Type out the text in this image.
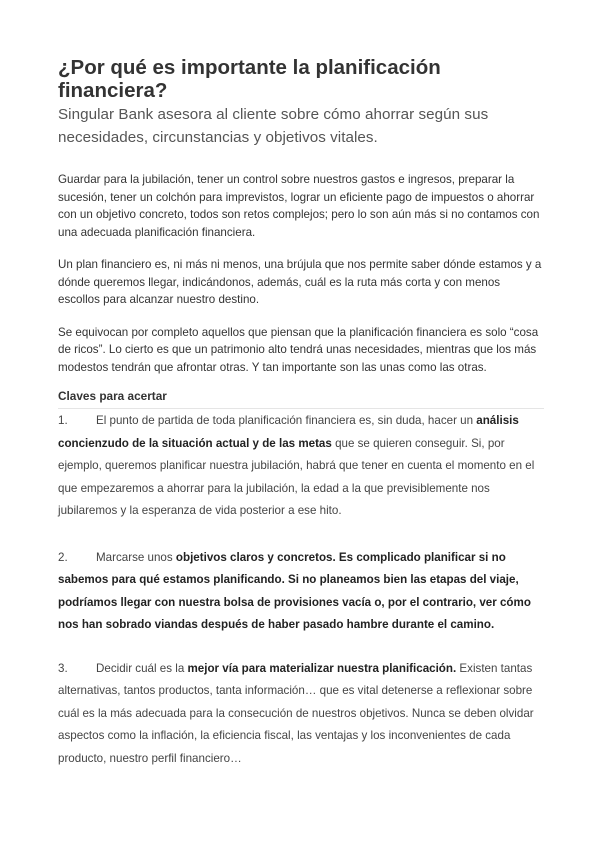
¿Por qué es importante la planificación financiera?

Singular Bank asesora al cliente sobre cómo ahorrar según sus necesidades, circunstancias y objetivos vitales.

Guardar para la jubilación, tener un control sobre nuestros gastos e ingresos, preparar la sucesión, tener un colchón para imprevistos, lograr un eficiente pago de impuestos o ahorrar con un objetivo concreto, todos son retos complejos; pero lo son aún más si no contamos con una adecuada planificación financiera.

Un plan financiero es, ni más ni menos, una brújula que nos permite saber dónde estamos y a dónde queremos llegar, indicándonos, además, cuál es la ruta más corta y con menos escollos para alcanzar nuestro destino.

Se equivocan por completo aquellos que piensan que la planificación financiera es solo “cosa de ricos”. Lo cierto es que un patrimonio alto tendrá unas necesidades, mientras que los más modestos tendrán que afrontar otras. Y tan importante son las unas como las otras.

Claves para acertar

1. El punto de partida de toda planificación financiera es, sin duda, hacer un análisis concienzudo de la situación actual y de las metas que se quieren conseguir. Si, por ejemplo, queremos planificar nuestra jubilación, habrá que tener en cuenta el momento en el que empezaremos a ahorrar para la jubilación, la edad a la que previsiblemente nos jubilaremos y la esperanza de vida posterior a ese hito.

2. Marcarse unos objetivos claros y concretos. Es complicado planificar si no sabemos para qué estamos planificando. Si no planeamos bien las etapas del viaje, podríamos llegar con nuestra bolsa de provisiones vacía o, por el contrario, ver cómo nos han sobrado viandas después de haber pasado hambre durante el camino.

3. Decidir cuál es la mejor vía para materializar nuestra planificación. Existen tantas alternativas, tantos productos, tanta información… que es vital detenerse a reflexionar sobre cuál es la más adecuada para la consecución de nuestros objetivos. Nunca se deben olvidar aspectos como la inflación, la eficiencia fiscal, las ventajas y los inconvenientes de cada producto, nuestro perfil financiero…
